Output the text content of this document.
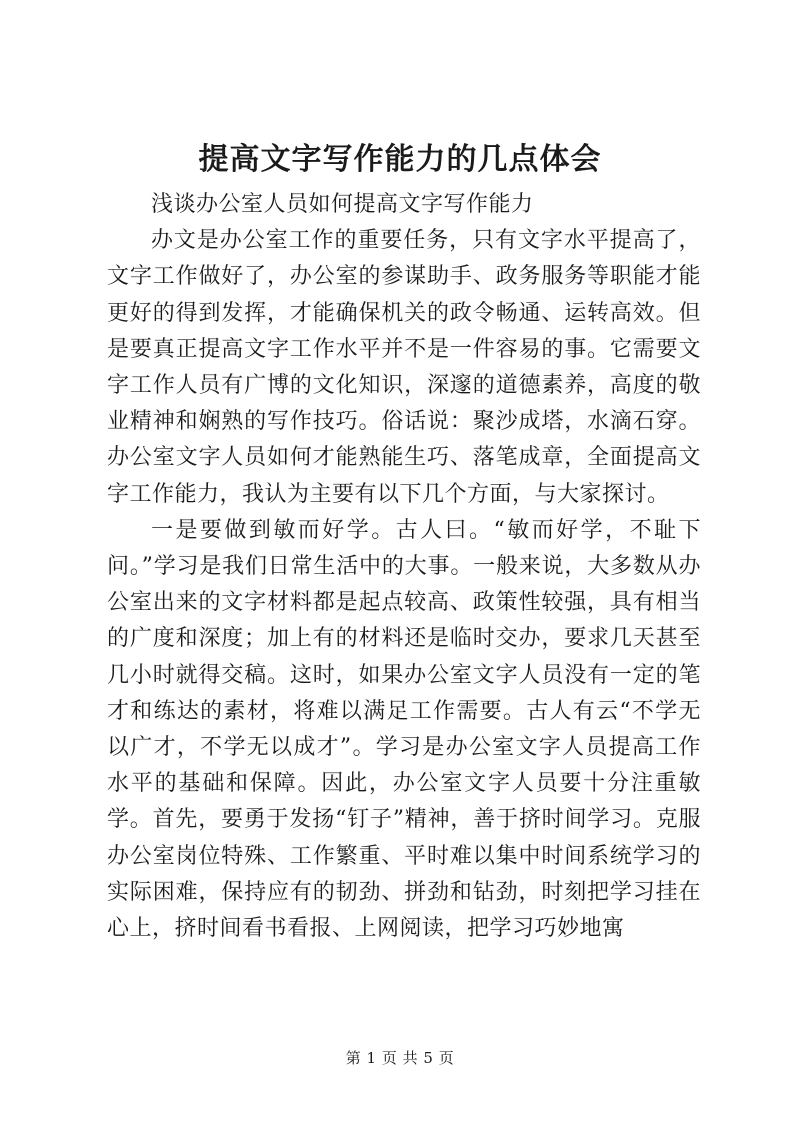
提高文字写作能力的几点体会

浅谈办公室人员如何提高文字写作能力

办文是办公室工作的重要任务，只有文字水平提高了，文字工作做好了，办公室的参谋助手、政务服务等职能才能更好的得到发挥，才能确保机关的政令畅通、运转高效。但是要真正提高文字工作水平并不是一件容易的事。它需要文字工作人员有广博的文化知识，深邃的道德素养，高度的敬业精神和娴熟的写作技巧。俗话说：聚沙成塔，水滴石穿。办公室文字人员如何才能熟能生巧、落笔成章，全面提高文字工作能力，我认为主要有以下几个方面，与大家探讨。

一是要做到敏而好学。古人曰。“敏而好学，不耻下问。”学习是我们日常生活中的大事。一般来说，大多数从办公室出来的文字材料都是起点较高、政策性较强，具有相当的广度和深度；加上有的材料还是临时交办，要求几天甚至几小时就得交稿。这时，如果办公室文字人员没有一定的笔才和练达的素材，将难以满足工作需要。古人有云“不学无以广才，不学无以成才”。学习是办公室文字人员提高工作水平的基础和保障。因此，办公室文字人员要十分注重敏学。首先，要勇于发扬“钉子”精神，善于挤时间学习。克服办公室岗位特殊、工作繁重、平时难以集中时间系统学习的实际困难，保持应有的韧劲、拼劲和钻劲，时刻把学习挂在心上，挤时间看书看报、上网阅读，把学习巧妙地寓

第 1 页 共 5 页
